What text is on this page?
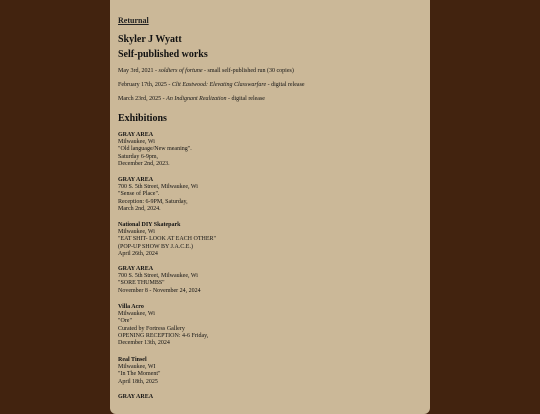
Returnal
Skyler J Wyatt
Self-published works
May 3rd, 2021 - soldiers of fortune - small self-published run (30 copies)
February 17th, 2025 - Clit Eastwood: Elevating Classwarfare - digital release
March 23rd, 2025 - An Indignant Realization - digital release
Exhibitions
GRAY AREA
Milwaukee, Wi
"Old language/New meaning".
Saturday 6-9pm,
December 2nd, 2023.
GRAY AREA
700 S. 5th Street, Milwaukee, Wi
"Sense of Place".
Reception: 6-9PM, Saturday,
March 2nd, 2024.
National DIY Skatepark
Milwaukee, Wi
"EAT SHIT- LOOK AT EACH OTHER"
(POP-UP SHOW BY J.A.C.E.)
April 26th, 2024
GRAY AREA
700 S. 5th Street, Milwaukee, Wi
"SORE THUMBS"
November 8 - November 24, 2024
Villa Acro
Milwaukee, Wi
"Ore"
Curated by Fortress Gallery
OPENING RECEPTION: 4-6 Friday,
December 13th, 2024
Real Tinsel
Milwaukee, WI
"In The Moment"
April 18th, 2025
GRAY AREA
